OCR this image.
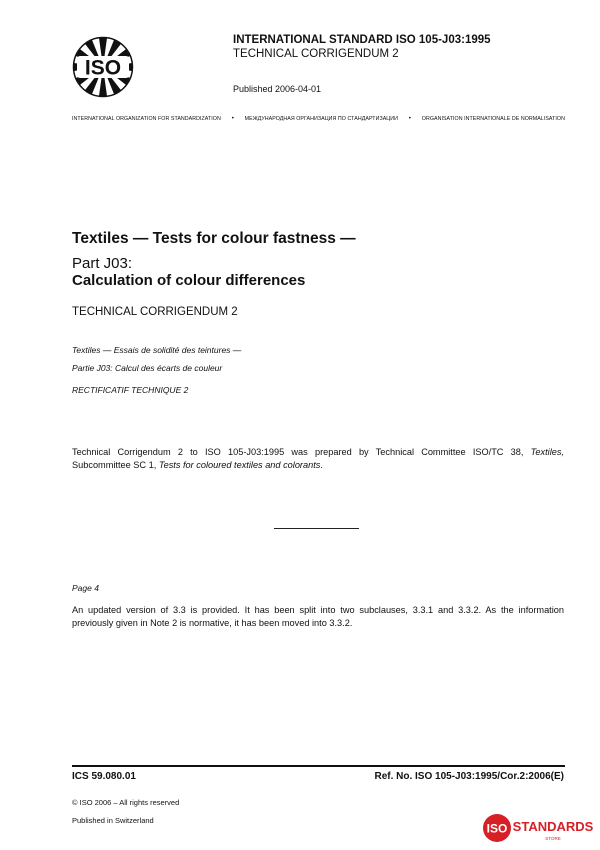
ISO
INTERNATIONAL STANDARD ISO 105-J03:1995
TECHNICAL CORRIGENDUM 2
Published 2006-04-01
INTERNATIONAL ORGANIZATION FOR STANDARDIZATION • МЕЖДУНАРОДНАЯ ОРГАНИЗАЦИЯ ПО СТАНДАРТИЗАЦИИ • ORGANISATION INTERNATIONALE DE NORMALISATION
Textiles — Tests for colour fastness —
Part J03:
Calculation of colour differences
TECHNICAL CORRIGENDUM 2
Textiles — Essais de solidité des teintures —
Partie J03: Calcul des écarts de couleur
RECTIFICATIF TECHNIQUE 2
Technical Corrigendum 2 to ISO 105-J03:1995 was prepared by Technical Committee ISO/TC 38, Textiles, Subcommittee SC 1, Tests for coloured textiles and colorants.
Page 4
An updated version of 3.3 is provided. It has been split into two subclauses, 3.3.1 and 3.3.2. As the information previously given in Note 2 is normative, it has been moved into 3.3.2.
ICS 59.080.01	Ref. No. ISO 105-J03:1995/Cor.2:2006(E)
© ISO 2006 – All rights reserved
Published in Switzerland
ISO STANDARDS
STORE
